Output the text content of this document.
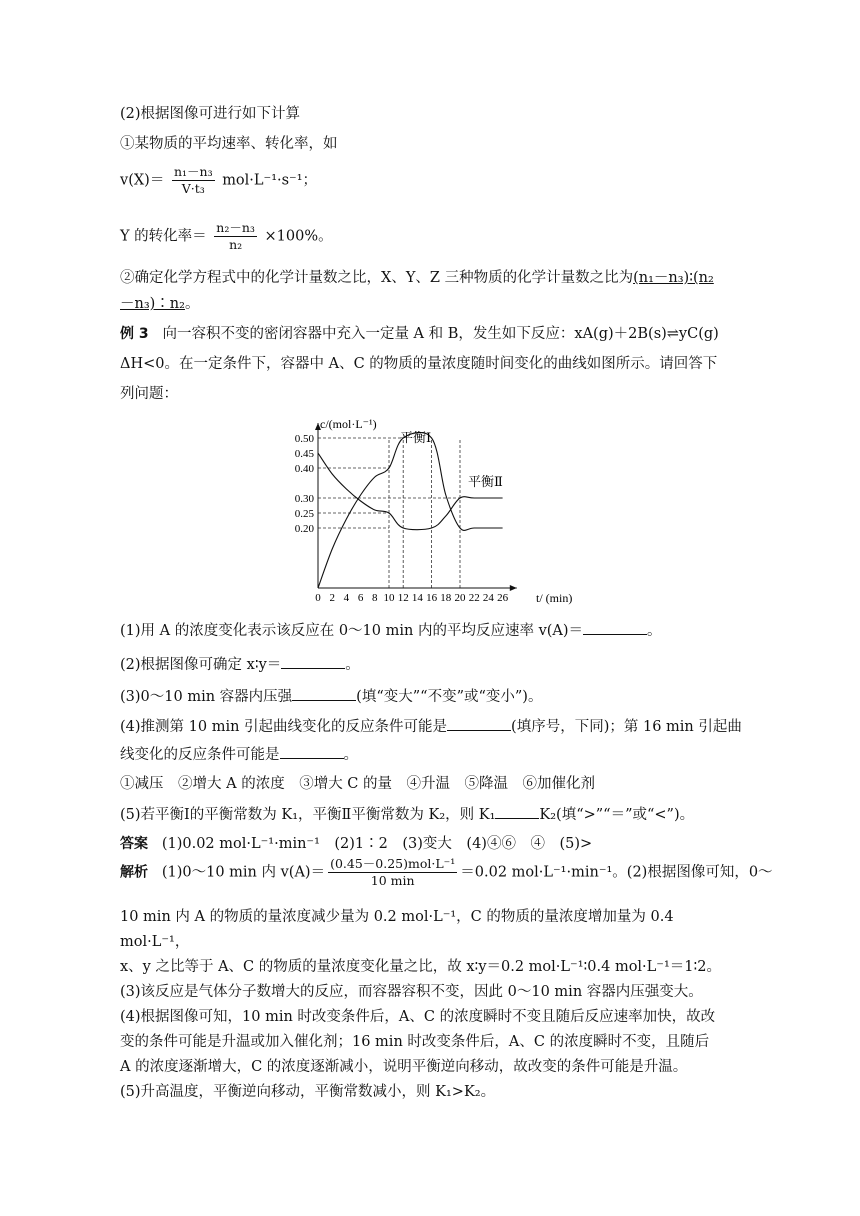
(2)根据图像可进行如下计算
①某物质的平均速率、转化率，如
$v(X)= \frac{\text{n₁－n₃}}{\text{V·t₃}} mol\cdot L^{-1}\cdot s^{-1}$；
Y 的转化率＝ $\frac{\text{n₂－n₃}}{\text{n₂}} \times 100\%$。
②确定化学方程式中的化学计量数之比，X、Y、Z 三种物质的化学计量数之比为(n₁－n₃)∶(n₂
－n₃)∶n₂。
例 3 向一容积不变的密闭容器中充入一定量 A 和 B，发生如下反应：xA(g)＋2B(s)⇌yC(g)
ΔH<0。在一定条件下，容器中 A、C 的物质的量浓度随时间变化的曲线如图所示。请回答下
列问题：
0.50
0.45
0.40
0.30
0.25
0.20
0 2 4 6 8 10 12 14 16 18 20 22 24 26
c/(mol·L⁻¹)
t/ (min)
平衡Ⅰ
平衡Ⅱ
(1)用 A 的浓度变化表示该反应在 0～10 min 内的平均反应速率 v(A)＝	。
(2)根据图像可确定 x∶y＝	。
(3)0～10 min 容器内压强	(填“变大”“不变”或“变小”)。
(4)推测第 10 min 引起曲线变化的反应条件可能是	(填序号，下同)；第 16 min 引起曲
线变化的反应条件可能是	。
①减压　②增大 A 的浓度　③增大 C 的量　④升温　⑤降温　⑥加催化剂
(5)若平衡Ⅰ的平衡常数为 K₁，平衡Ⅱ平衡常数为 K₂，则 K₁	K₂(填“>”“＝”或“<”)。
答案 (1)0.02 mol·L⁻¹·min⁻¹　(2)1∶2　(3)变大　(4)④⑥　④　(5)>
解析 (1)0～10 min 内 $v(A)= \frac{\text{(0.45－0.25)mol·L⁻¹}}{10 \min} =0.02$ mol·L⁻¹·min⁻¹。(2)根据图像可知，0～
10 min 内 A 的物质的量浓度减少量为 0.2 mol·L⁻¹，C 的物质的量浓度增加量为 0.4 mol·L⁻¹，
x、y 之比等于 A、C 的物质的量浓度变化量之比，故 x∶y＝0.2 mol·L⁻¹∶0.4 mol·L⁻¹＝1∶2。
(3)该反应是气体分子数增大的反应，而容器容积不变，因此 0～10 min 容器内压强变大。
(4)根据图像可知，10 min 时改变条件后，A、C 的浓度瞬时不变且随后反应速率加快，故改
变的条件可能是升温或加入催化剂；16 min 时改变条件后，A、C 的浓度瞬时不变，且随后
A 的浓度逐渐增大，C 的浓度逐渐减小，说明平衡逆向移动，故改变的条件可能是升温。
(5)升高温度，平衡逆向移动，平衡常数减小，则 K₁>K₂。
